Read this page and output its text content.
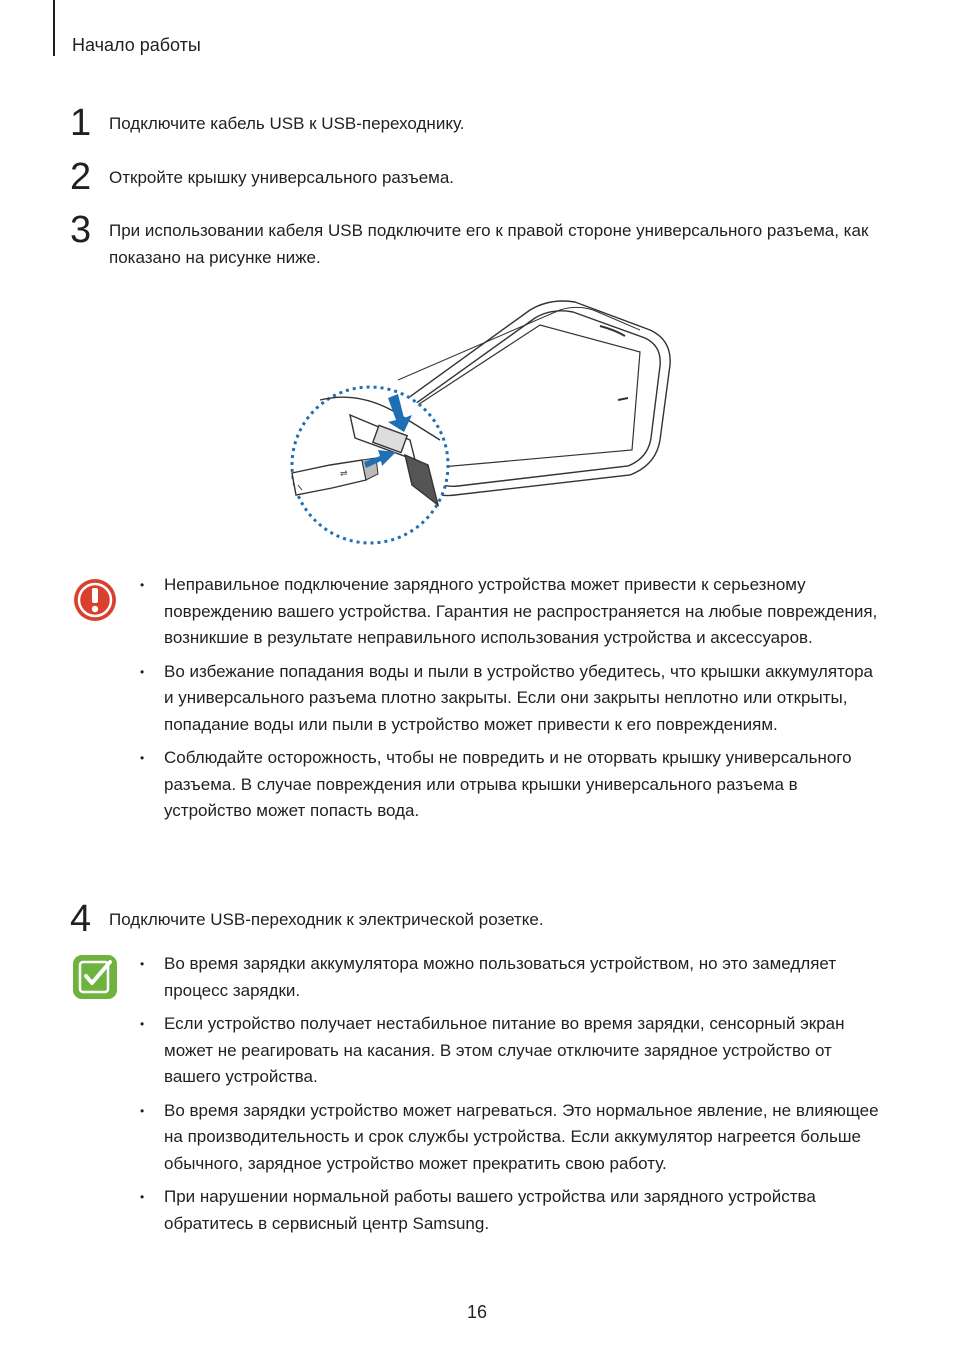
Начало работы
1 Подключите кабель USB к USB-переходнику.
2 Откройте крышку универсального разъема.
3 При использовании кабеля USB подключите его к правой стороне универсального разъема, как показано на рисунке ниже.
⇌
• Неправильное подключение зарядного устройства может привести к серьезному повреждению вашего устройства. Гарантия не распространяется на любые повреждения, возникшие в результате неправильного использования устройства и аксессуаров.
• Во избежание попадания воды и пыли в устройство убедитесь, что крышки аккумулятора и универсального разъема плотно закрыты. Если они закрыты неплотно или открыты, попадание воды или пыли в устройство может привести к его повреждениям.
• Соблюдайте осторожность, чтобы не повредить и не оторвать крышку универсального разъема. В случае повреждения или отрыва крышки универсального разъема в устройство может попасть вода.
4 Подключите USB-переходник к электрической розетке.
• Во время зарядки аккумулятора можно пользоваться устройством, но это замедляет процесс зарядки.
• Если устройство получает нестабильное питание во время зарядки, сенсорный экран может не реагировать на касания. В этом случае отключите зарядное устройство от вашего устройства.
• Во время зарядки устройство может нагреваться. Это нормальное явление, не влияющее на производительность и срок службы устройства. Если аккумулятор нагреется больше обычного, зарядное устройство может прекратить свою работу.
• При нарушении нормальной работы вашего устройства или зарядного устройства обратитесь в сервисный центр Samsung.
16
